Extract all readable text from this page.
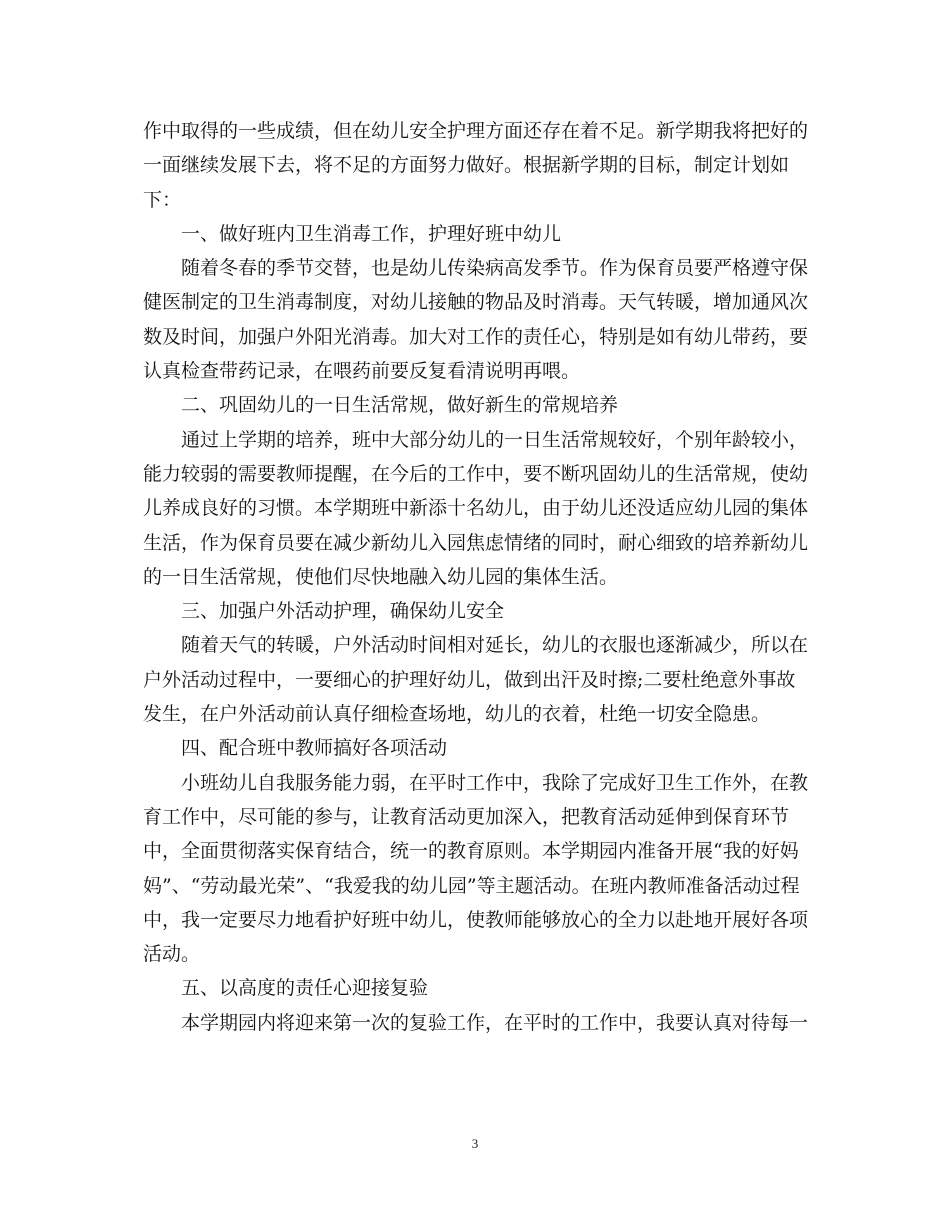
作中取得的一些成绩，但在幼儿安全护理方面还存在着不足。新学期我将把好的一面继续发展下去，将不足的方面努力做好。根据新学期的目标，制定计划如下：

一、做好班内卫生消毒工作，护理好班中幼儿

随着冬春的季节交替，也是幼儿传染病高发季节。作为保育员要严格遵守保健医制定的卫生消毒制度，对幼儿接触的物品及时消毒。天气转暖，增加通风次数及时间，加强户外阳光消毒。加大对工作的责任心，特别是如有幼儿带药，要认真检查带药记录，在喂药前要反复看清说明再喂。

二、巩固幼儿的一日生活常规，做好新生的常规培养

通过上学期的培养，班中大部分幼儿的一日生活常规较好，个别年龄较小，能力较弱的需要教师提醒，在今后的工作中，要不断巩固幼儿的生活常规，使幼儿养成良好的习惯。本学期班中新添十名幼儿，由于幼儿还没适应幼儿园的集体生活，作为保育员要在减少新幼儿入园焦虑情绪的同时，耐心细致的培养新幼儿的一日生活常规，使他们尽快地融入幼儿园的集体生活。

三、加强户外活动护理，确保幼儿安全

随着天气的转暖，户外活动时间相对延长，幼儿的衣服也逐渐减少，所以在户外活动过程中，一要细心的护理好幼儿，做到出汗及时擦;二要杜绝意外事故发生，在户外活动前认真仔细检查场地，幼儿的衣着，杜绝一切安全隐患。

四、配合班中教师搞好各项活动

小班幼儿自我服务能力弱，在平时工作中，我除了完成好卫生工作外，在教育工作中，尽可能的参与，让教育活动更加深入，把教育活动延伸到保育环节中，全面贯彻落实保育结合，统一的教育原则。本学期园内准备开展“我的好妈妈”、“劳动最光荣”、“我爱我的幼儿园”等主题活动。在班内教师准备活动过程中，我一定要尽力地看护好班中幼儿，使教师能够放心的全力以赴地开展好各项活动。

五、以高度的责任心迎接复验

本学期园内将迎来第一次的复验工作，在平时的工作中，我要认真对待每一

3
